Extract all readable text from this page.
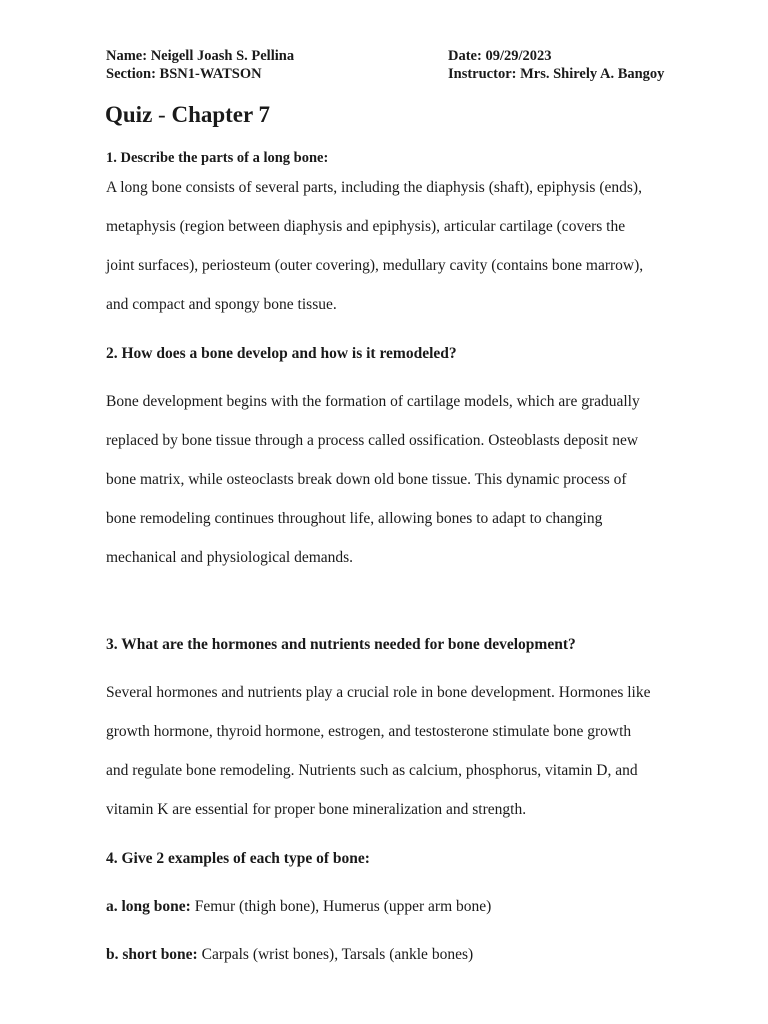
Name: Neigell Joash S. Pellina
Section: BSN1-WATSON
Date: 09/29/2023
Instructor: Mrs. Shirely A. Bangoy
Quiz - Chapter 7
1. Describe the parts of a long bone:
A long bone consists of several parts, including the diaphysis (shaft), epiphysis (ends),
metaphysis (region between diaphysis and epiphysis), articular cartilage (covers the
joint surfaces), periosteum (outer covering), medullary cavity (contains bone marrow),
and compact and spongy bone tissue.
2. How does a bone develop and how is it remodeled?
Bone development begins with the formation of cartilage models, which are gradually
replaced by bone tissue through a process called ossification. Osteoblasts deposit new
bone matrix, while osteoclasts break down old bone tissue. This dynamic process of
bone remodeling continues throughout life, allowing bones to adapt to changing
mechanical and physiological demands.
3. What are the hormones and nutrients needed for bone development?
Several hormones and nutrients play a crucial role in bone development. Hormones like
growth hormone, thyroid hormone, estrogen, and testosterone stimulate bone growth
and regulate bone remodeling. Nutrients such as calcium, phosphorus, vitamin D, and
vitamin K are essential for proper bone mineralization and strength.
4. Give 2 examples of each type of bone:
a. long bone: Femur (thigh bone), Humerus (upper arm bone)
b. short bone: Carpals (wrist bones), Tarsals (ankle bones)
